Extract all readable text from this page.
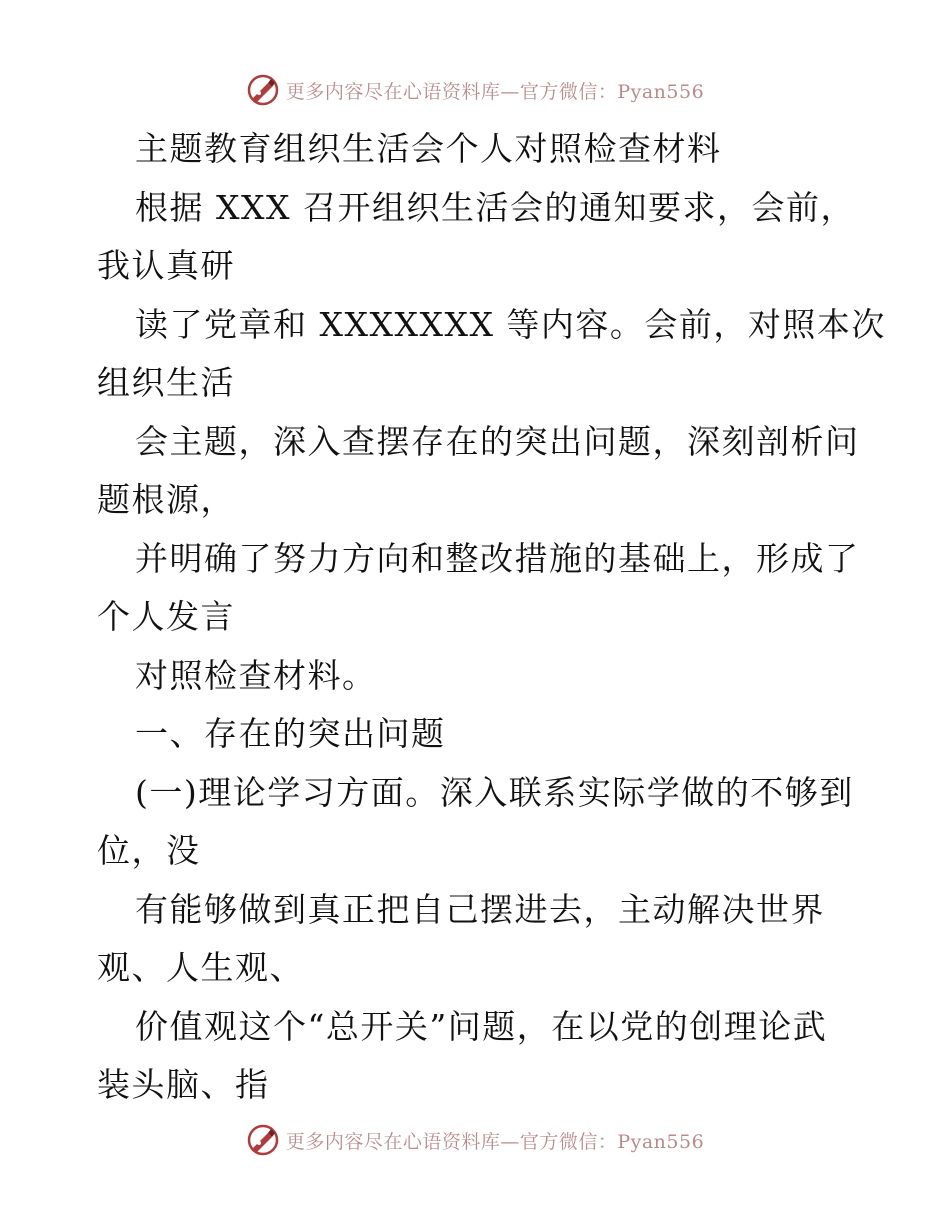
更多内容尽在心语资料库—官方微信：Pyan556
主题教育组织生活会个人对照检查材料
根据 XXX 召开组织生活会的通知要求，会前，
我认真研
读了党章和 XXXXXXX 等内容。会前，对照本次
组织生活
会主题，深入查摆存在的突出问题，深刻剖析问
题根源，
并明确了努力方向和整改措施的基础上，形成了
个人发言
对照检查材料。
一、存在的突出问题
(一)理论学习方面。深入联系实际学做的不够到
位，没
有能够做到真正把自己摆进去，主动解决世界
观、人生观、
价值观这个“总开关”问题，在以党的创理论武
装头脑、指
更多内容尽在心语资料库—官方微信：Pyan556
